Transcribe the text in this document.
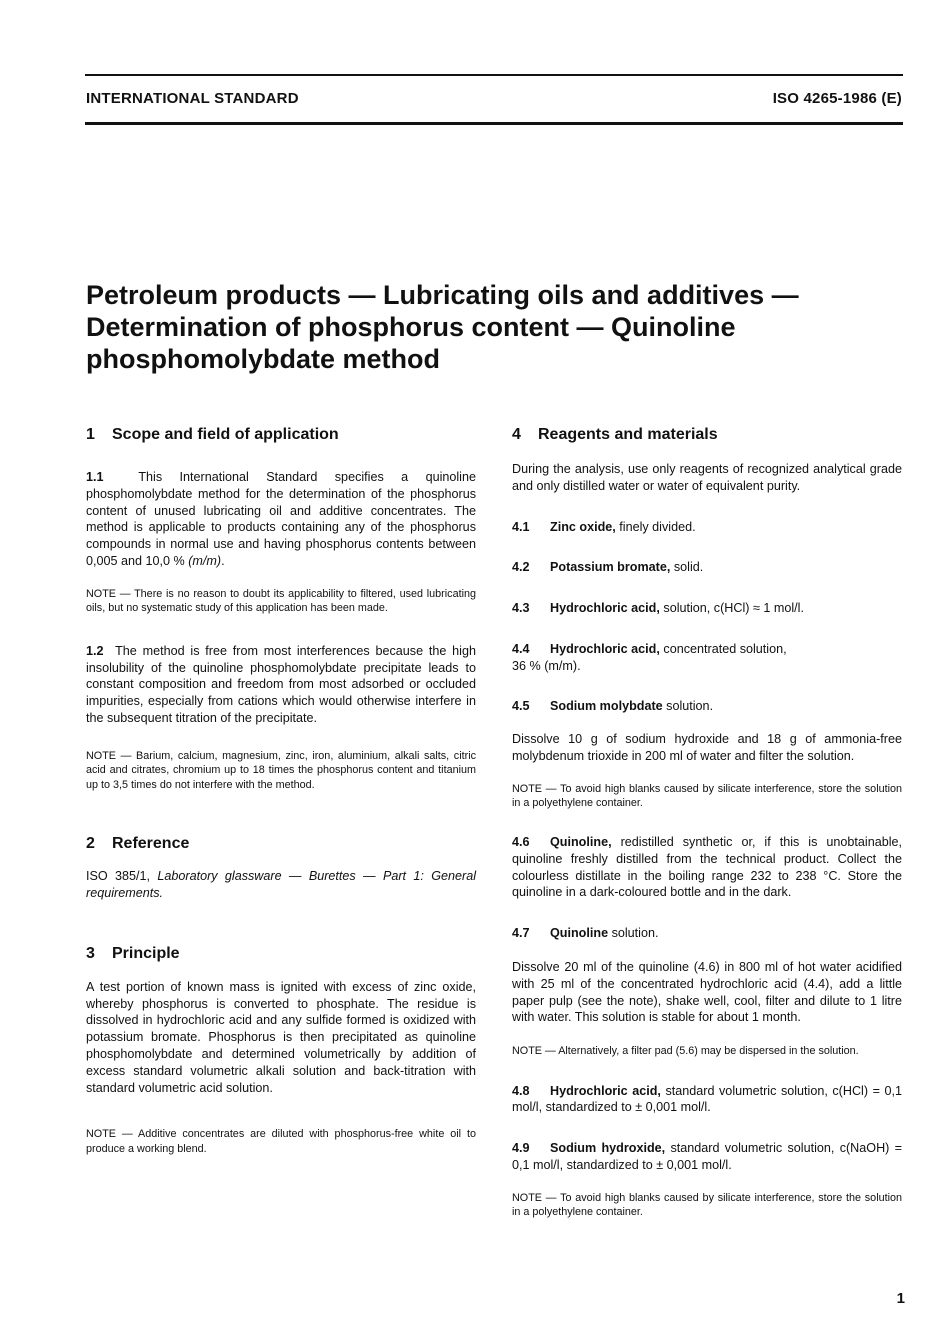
INTERNATIONAL STANDARD	ISO 4265-1986 (E)
Petroleum products — Lubricating oils and additives —
Determination of phosphorus content — Quinoline
phosphomolybdate method

1 Scope and field of application

1.1	This International Standard specifies a quinoline phosphomolybdate method for the determination of the phosphorus content of unused lubricating oil and additive concentrates. The method is applicable to products containing any of the phosphorus compounds in normal use and having phosphorus contents between 0,005 and 10,0 % (m/m).

NOTE — There is no reason to doubt its applicability to filtered, used lubricating oils, but no systematic study of this application has been made.

1.2 The method is free from most interferences because the high insolubility of the quinoline phosphomolybdate precipitate leads to constant composition and freedom from most adsorbed or occluded impurities, especially from cations which would otherwise interfere in the subsequent titration of the precipitate.

NOTE — Barium, calcium, magnesium, zinc, iron, aluminium, alkali salts, citric acid and citrates, chromium up to 18 times the phosphorus content and titanium up to 3,5 times do not interfere with the method.

2 Reference

ISO 385/1, Laboratory glassware — Burettes — Part 1: General requirements.

3 Principle

A test portion of known mass is ignited with excess of zinc oxide, whereby phosphorus is converted to phosphate. The residue is dissolved in hydrochloric acid and any sulfide formed is oxidized with potassium bromate. Phosphorus is then precipitated as quinoline phosphomolybdate and determined volumetrically by addition of excess standard volumetric alkali solution and back-titration with standard volumetric acid solution.

NOTE — Additive concentrates are diluted with phosphorus-free white oil to produce a working blend.

4 Reagents and materials

During the analysis, use only reagents of recognized analytical grade and only distilled water or water of equivalent purity.

4.1 Zinc oxide, finely divided.

4.2 Potassium bromate, solid.

4.3 Hydrochloric acid, solution, c(HCl) ≈ 1 mol/l.

4.4 Hydrochloric acid, concentrated solution,
36 % (m/m).

4.5 Sodium molybdate solution.

Dissolve 10 g of sodium hydroxide and 18 g of ammonia-free molybdenum trioxide in 200 ml of water and filter the solution.

NOTE — To avoid high blanks caused by silicate interference, store the solution in a polyethylene container.

4.6 Quinoline, redistilled synthetic or, if this is unobtainable, quinoline freshly distilled from the technical product. Collect the colourless distillate in the boiling range 232 to 238 °C. Store the quinoline in a dark-coloured bottle and in the dark.

4.7 Quinoline solution.

Dissolve 20 ml of the quinoline (4.6) in 800 ml of hot water acidified with 25 ml of the concentrated hydrochloric acid (4.4), add a little paper pulp (see the note), shake well, cool, filter and dilute to 1 litre with water. This solution is stable for about 1 month.

NOTE — Alternatively, a filter pad (5.6) may be dispersed in the solution.

4.8 Hydrochloric acid, standard volumetric solution, c(HCl) = 0,1 mol/l, standardized to ± 0,001 mol/l.

4.9 Sodium hydroxide, standard volumetric solution, c(NaOH) = 0,1 mol/l, standardized to ± 0,001 mol/l.

NOTE — To avoid high blanks caused by silicate interference, store the solution in a polyethylene container.

1
